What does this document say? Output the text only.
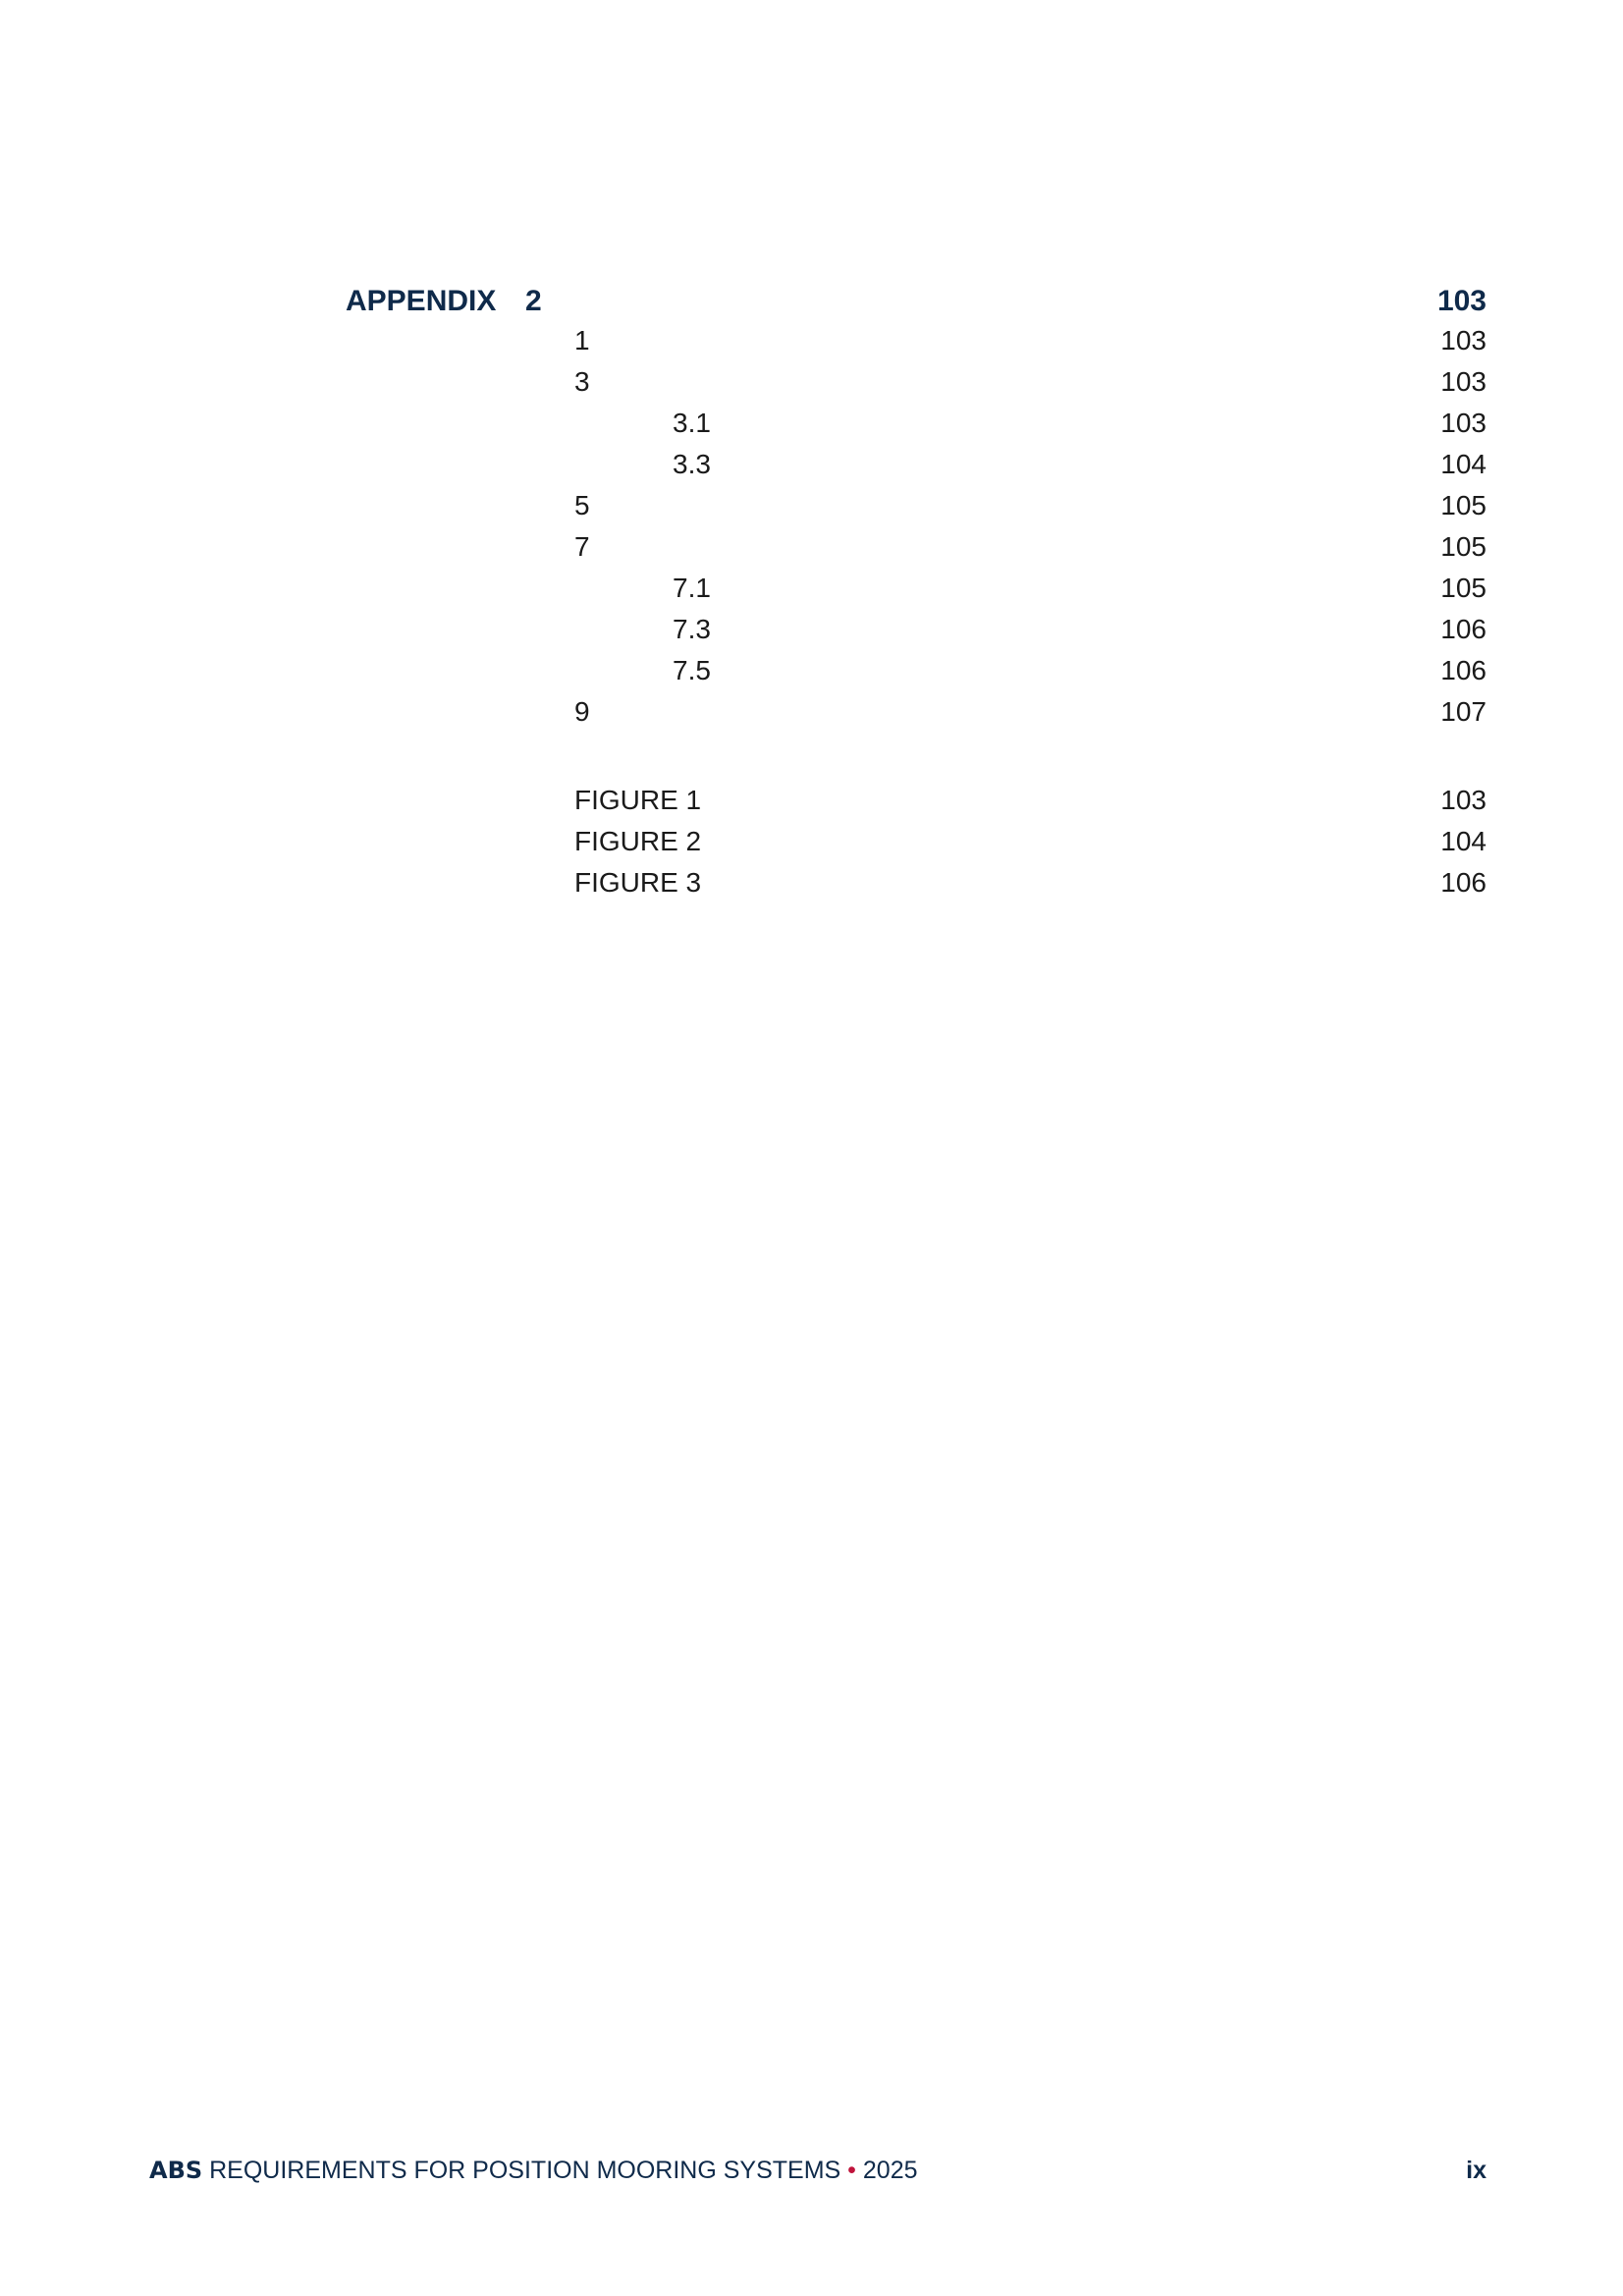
APPENDIX 2	103
1	103
3	103
3.1	103
3.3	104
5	105
7	105
7.1	105
7.3	106
7.5	106
9	107
FIGURE 1	103
FIGURE 2	104
FIGURE 3	106
ABS REQUIREMENTS FOR POSITION MOORING SYSTEMS • 2025	ix
